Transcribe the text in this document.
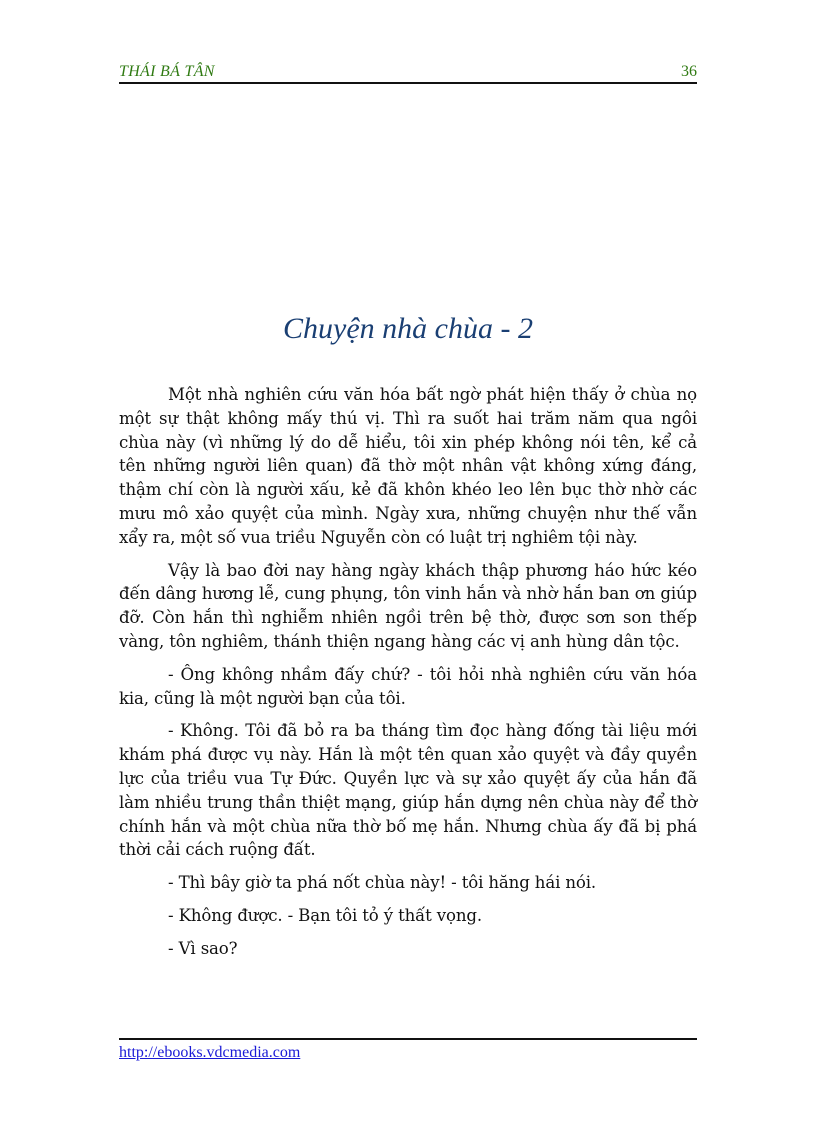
THÁI BÁ TÂN	36
Chuyện nhà chùa - 2

Một nhà nghiên cứu văn hóa bất ngờ phát hiện thấy ở chùa nọ một sự thật không mấy thú vị. Thì ra suốt hai trăm năm qua ngôi chùa này (vì những lý do dễ hiểu, tôi xin phép không nói tên, kể cả tên những người liên quan) đã thờ một nhân vật không xứng đáng, thậm chí còn là người xấu, kẻ đã khôn khéo leo lên bục thờ nhờ các mưu mô xảo quyệt của mình. Ngày xưa, những chuyện như thế vẫn xẩy ra, một số vua triều Nguyễn còn có luật trị nghiêm tội này.

Vậy là bao đời nay hàng ngày khách thập phương háo hức kéo đến dâng hương lễ, cung phụng, tôn vinh hắn và nhờ hắn ban ơn giúp đỡ. Còn hắn thì nghiễm nhiên ngồi trên bệ thờ, được sơn son thếp vàng, tôn nghiêm, thánh thiện ngang hàng các vị anh hùng dân tộc.

- Ông không nhầm đấy chứ? - tôi hỏi nhà nghiên cứu văn hóa kia, cũng là một người bạn của tôi.

- Không. Tôi đã bỏ ra ba tháng tìm đọc hàng đống tài liệu mới khám phá được vụ này. Hắn là một tên quan xảo quyệt và đầy quyền lực của triều vua Tự Đức. Quyền lực và sự xảo quyệt ấy của hắn đã làm nhiều trung thần thiệt mạng, giúp hắn dựng nên chùa này để thờ chính hắn và một chùa nữa thờ bố mẹ hắn. Nhưng chùa ấy đã bị phá thời cải cách ruộng đất.

- Thì bây giờ ta phá nốt chùa này! - tôi hăng hái nói.

- Không được. - Bạn tôi tỏ ý thất vọng.

- Vì sao?

http://ebooks.vdcmedia.com
